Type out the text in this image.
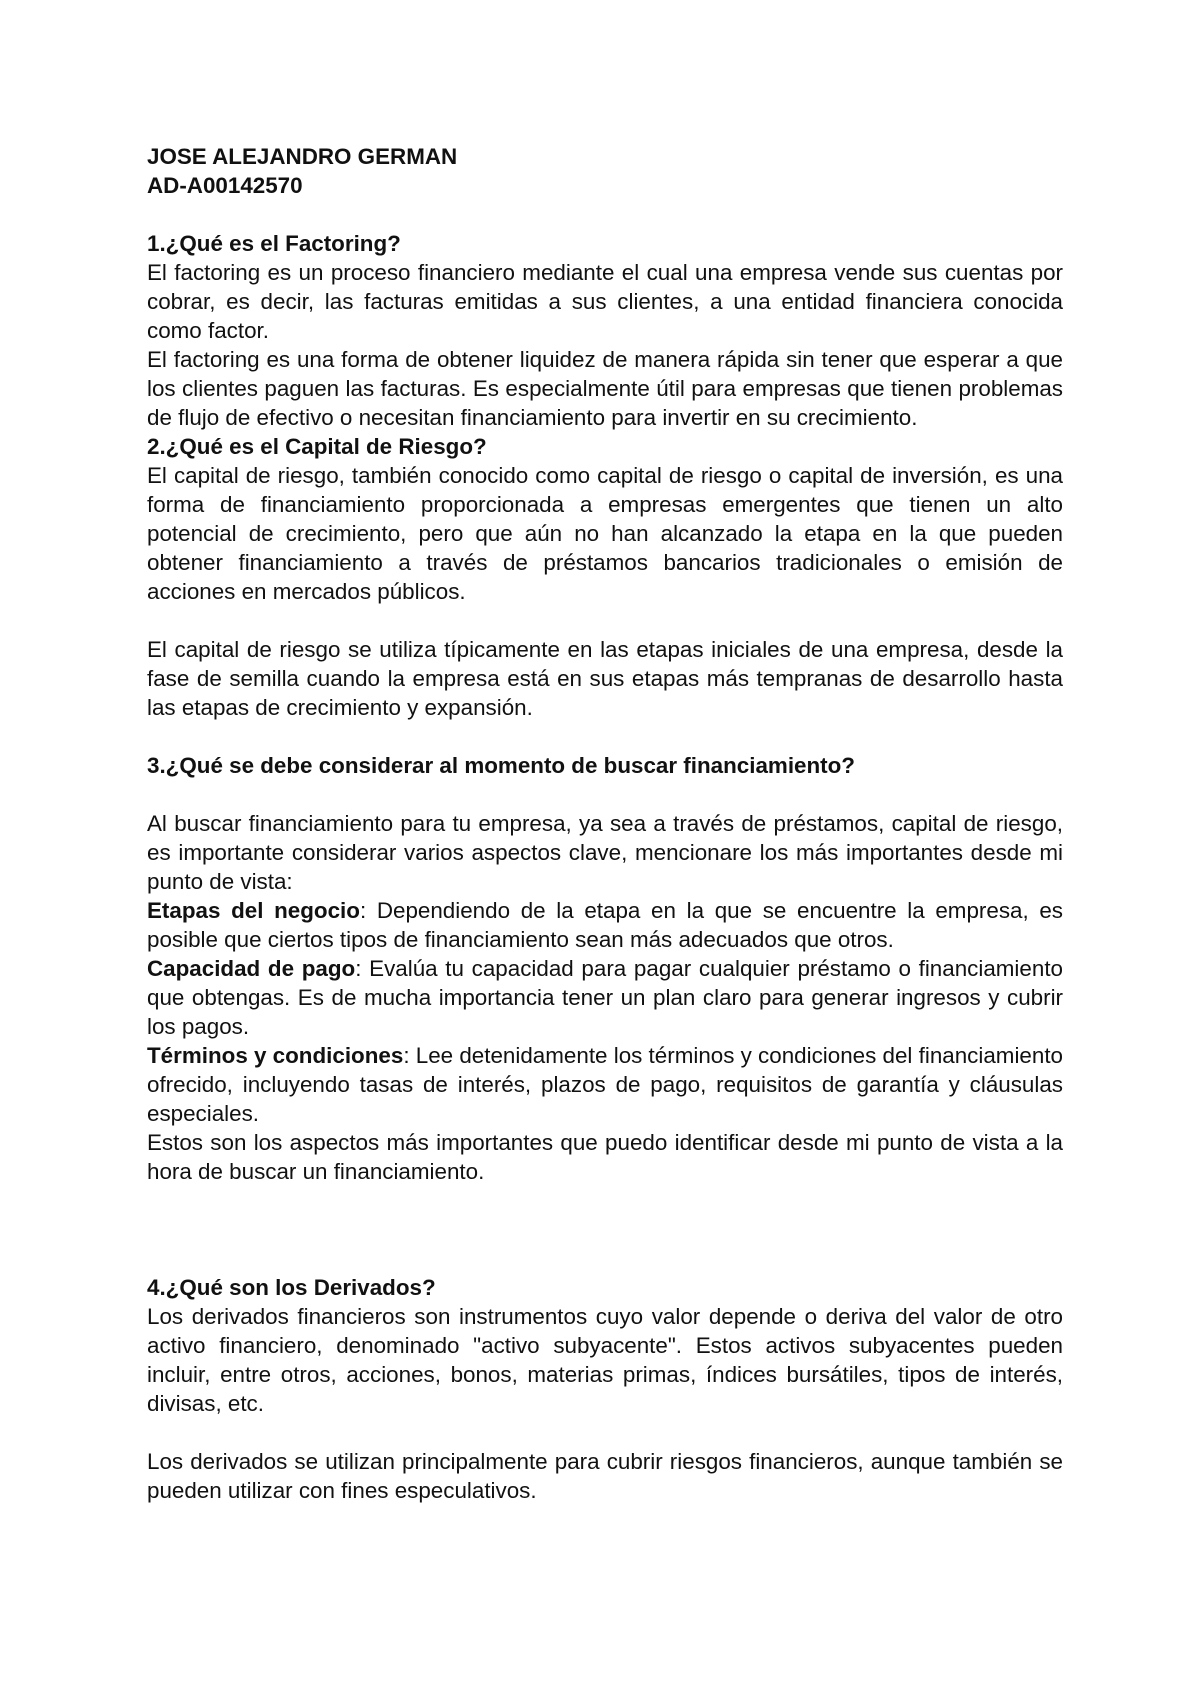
JOSE ALEJANDRO GERMAN

AD-A00142570

1.¿Qué es el Factoring?

El factoring es un proceso financiero mediante el cual una empresa vende sus cuentas por cobrar, es decir, las facturas emitidas a sus clientes, a una entidad financiera conocida como factor.

El factoring es una forma de obtener liquidez de manera rápida sin tener que esperar a que los clientes paguen las facturas. Es especialmente útil para empresas que tienen problemas de flujo de efectivo o necesitan financiamiento para invertir en su crecimiento.

2.¿Qué es el Capital de Riesgo?

El capital de riesgo, también conocido como capital de riesgo o capital de inversión, es una forma de financiamiento proporcionada a empresas emergentes que tienen un alto potencial de crecimiento, pero que aún no han alcanzado la etapa en la que pueden obtener financiamiento a través de préstamos bancarios tradicionales o emisión de acciones en mercados públicos.

El capital de riesgo se utiliza típicamente en las etapas iniciales de una empresa, desde la fase de semilla cuando la empresa está en sus etapas más tempranas de desarrollo hasta las etapas de crecimiento y expansión.

3.¿Qué se debe considerar al momento de buscar financiamiento?

Al buscar financiamiento para tu empresa, ya sea a través de préstamos, capital de riesgo, es importante considerar varios aspectos clave, mencionare los más importantes desde mi punto de vista:

Etapas del negocio: Dependiendo de la etapa en la que se encuentre la empresa, es posible que ciertos tipos de financiamiento sean más adecuados que otros.

Capacidad de pago: Evalúa tu capacidad para pagar cualquier préstamo o financiamiento que obtengas. Es de mucha importancia tener un plan claro para generar ingresos y cubrir los pagos.

Términos y condiciones: Lee detenidamente los términos y condiciones del financiamiento ofrecido, incluyendo tasas de interés, plazos de pago, requisitos de garantía y cláusulas especiales.

Estos son los aspectos más importantes que puedo identificar desde mi punto de vista a la hora de buscar un financiamiento.

4.¿Qué son los Derivados?

Los derivados financieros son instrumentos cuyo valor depende o deriva del valor de otro activo financiero, denominado "activo subyacente". Estos activos subyacentes pueden incluir, entre otros, acciones, bonos, materias primas, índices bursátiles, tipos de interés, divisas, etc.

Los derivados se utilizan principalmente para cubrir riesgos financieros, aunque también se pueden utilizar con fines especulativos.
